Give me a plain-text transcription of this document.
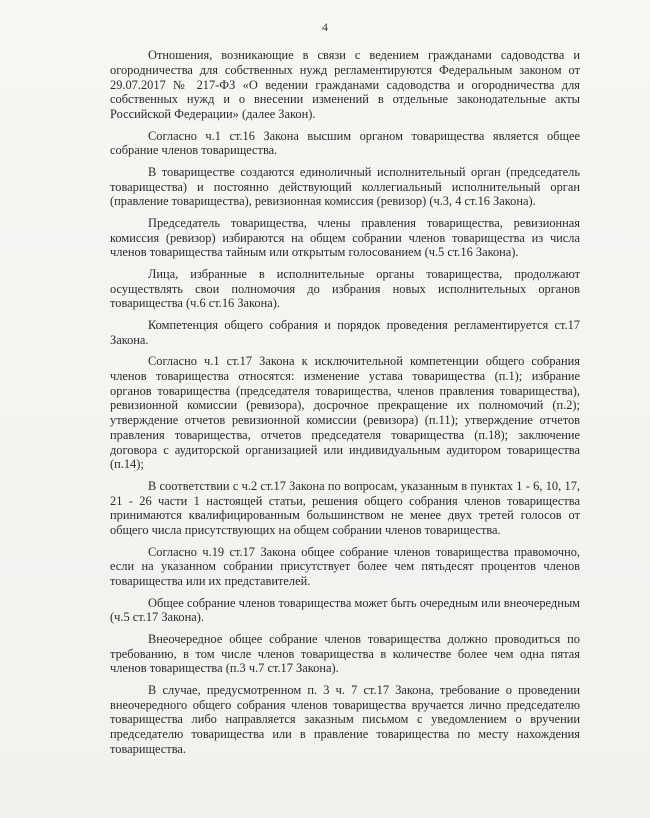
4

Отношения, возникающие в связи с ведением гражданами садоводства и огородничества для собственных нужд регламентируются Федеральным законом от 29.07.2017 № 217-ФЗ «О ведении гражданами садоводства и огородничества для собственных нужд и о внесении изменений в отдельные законодательные акты Российской Федерации» (далее Закон).

Согласно ч.1 ст.16 Закона высшим органом товарищества является общее собрание членов товарищества.

В товариществе создаются единоличный исполнительный орган (председатель товарищества) и постоянно действующий коллегиальный исполнительный орган (правление товарищества), ревизионная комиссия (ревизор) (ч.3, 4 ст.16 Закона).

Председатель товарищества, члены правления товарищества, ревизионная комиссия (ревизор) избираются на общем собрании членов товарищества из числа членов товарищества тайным или открытым голосованием (ч.5 ст.16 Закона).

Лица, избранные в исполнительные органы товарищества, продолжают осуществлять свои полномочия до избрания новых исполнительных органов товарищества (ч.6 ст.16 Закона).

Компетенция общего собрания и порядок проведения регламентируется ст.17 Закона.

Согласно ч.1 ст.17 Закона к исключительной компетенции общего собрания членов товарищества относятся: изменение устава товарищества (п.1); избрание органов товарищества (председателя товарищества, членов правления товарищества), ревизионной комиссии (ревизора), досрочное прекращение их полномочий (п.2); утверждение отчетов ревизионной комиссии (ревизора) (п.11); утверждение отчетов правления товарищества, отчетов председателя товарищества (п.18); заключение договора с аудиторской организацией или индивидуальным аудитором товарищества (п.14);

В соответствии с ч.2 ст.17 Закона по вопросам, указанным в пунктах 1 - 6, 10, 17, 21 - 26 части 1 настоящей статьи, решения общего собрания членов товарищества принимаются квалифицированным большинством не менее двух третей голосов от общего числа присутствующих на общем собрании членов товарищества.

Согласно ч.19 ст.17 Закона общее собрание членов товарищества правомочно, если на указанном собрании присутствует более чем пятьдесят процентов членов товарищества или их представителей.

Общее собрание членов товарищества может быть очередным или внеочередным (ч.5 ст.17 Закона).

Внеочередное общее собрание членов товарищества должно проводиться по требованию, в том числе членов товарищества в количестве более чем одна пятая членов товарищества (п.3 ч.7 ст.17 Закона).

В случае, предусмотренном п. 3 ч. 7 ст.17 Закона, требование о проведении внеочередного общего собрания членов товарищества вручается лично председателю товарищества либо направляется заказным письмом с уведомлением о вручении председателю товарищества или в правление товарищества по месту нахождения товарищества.
